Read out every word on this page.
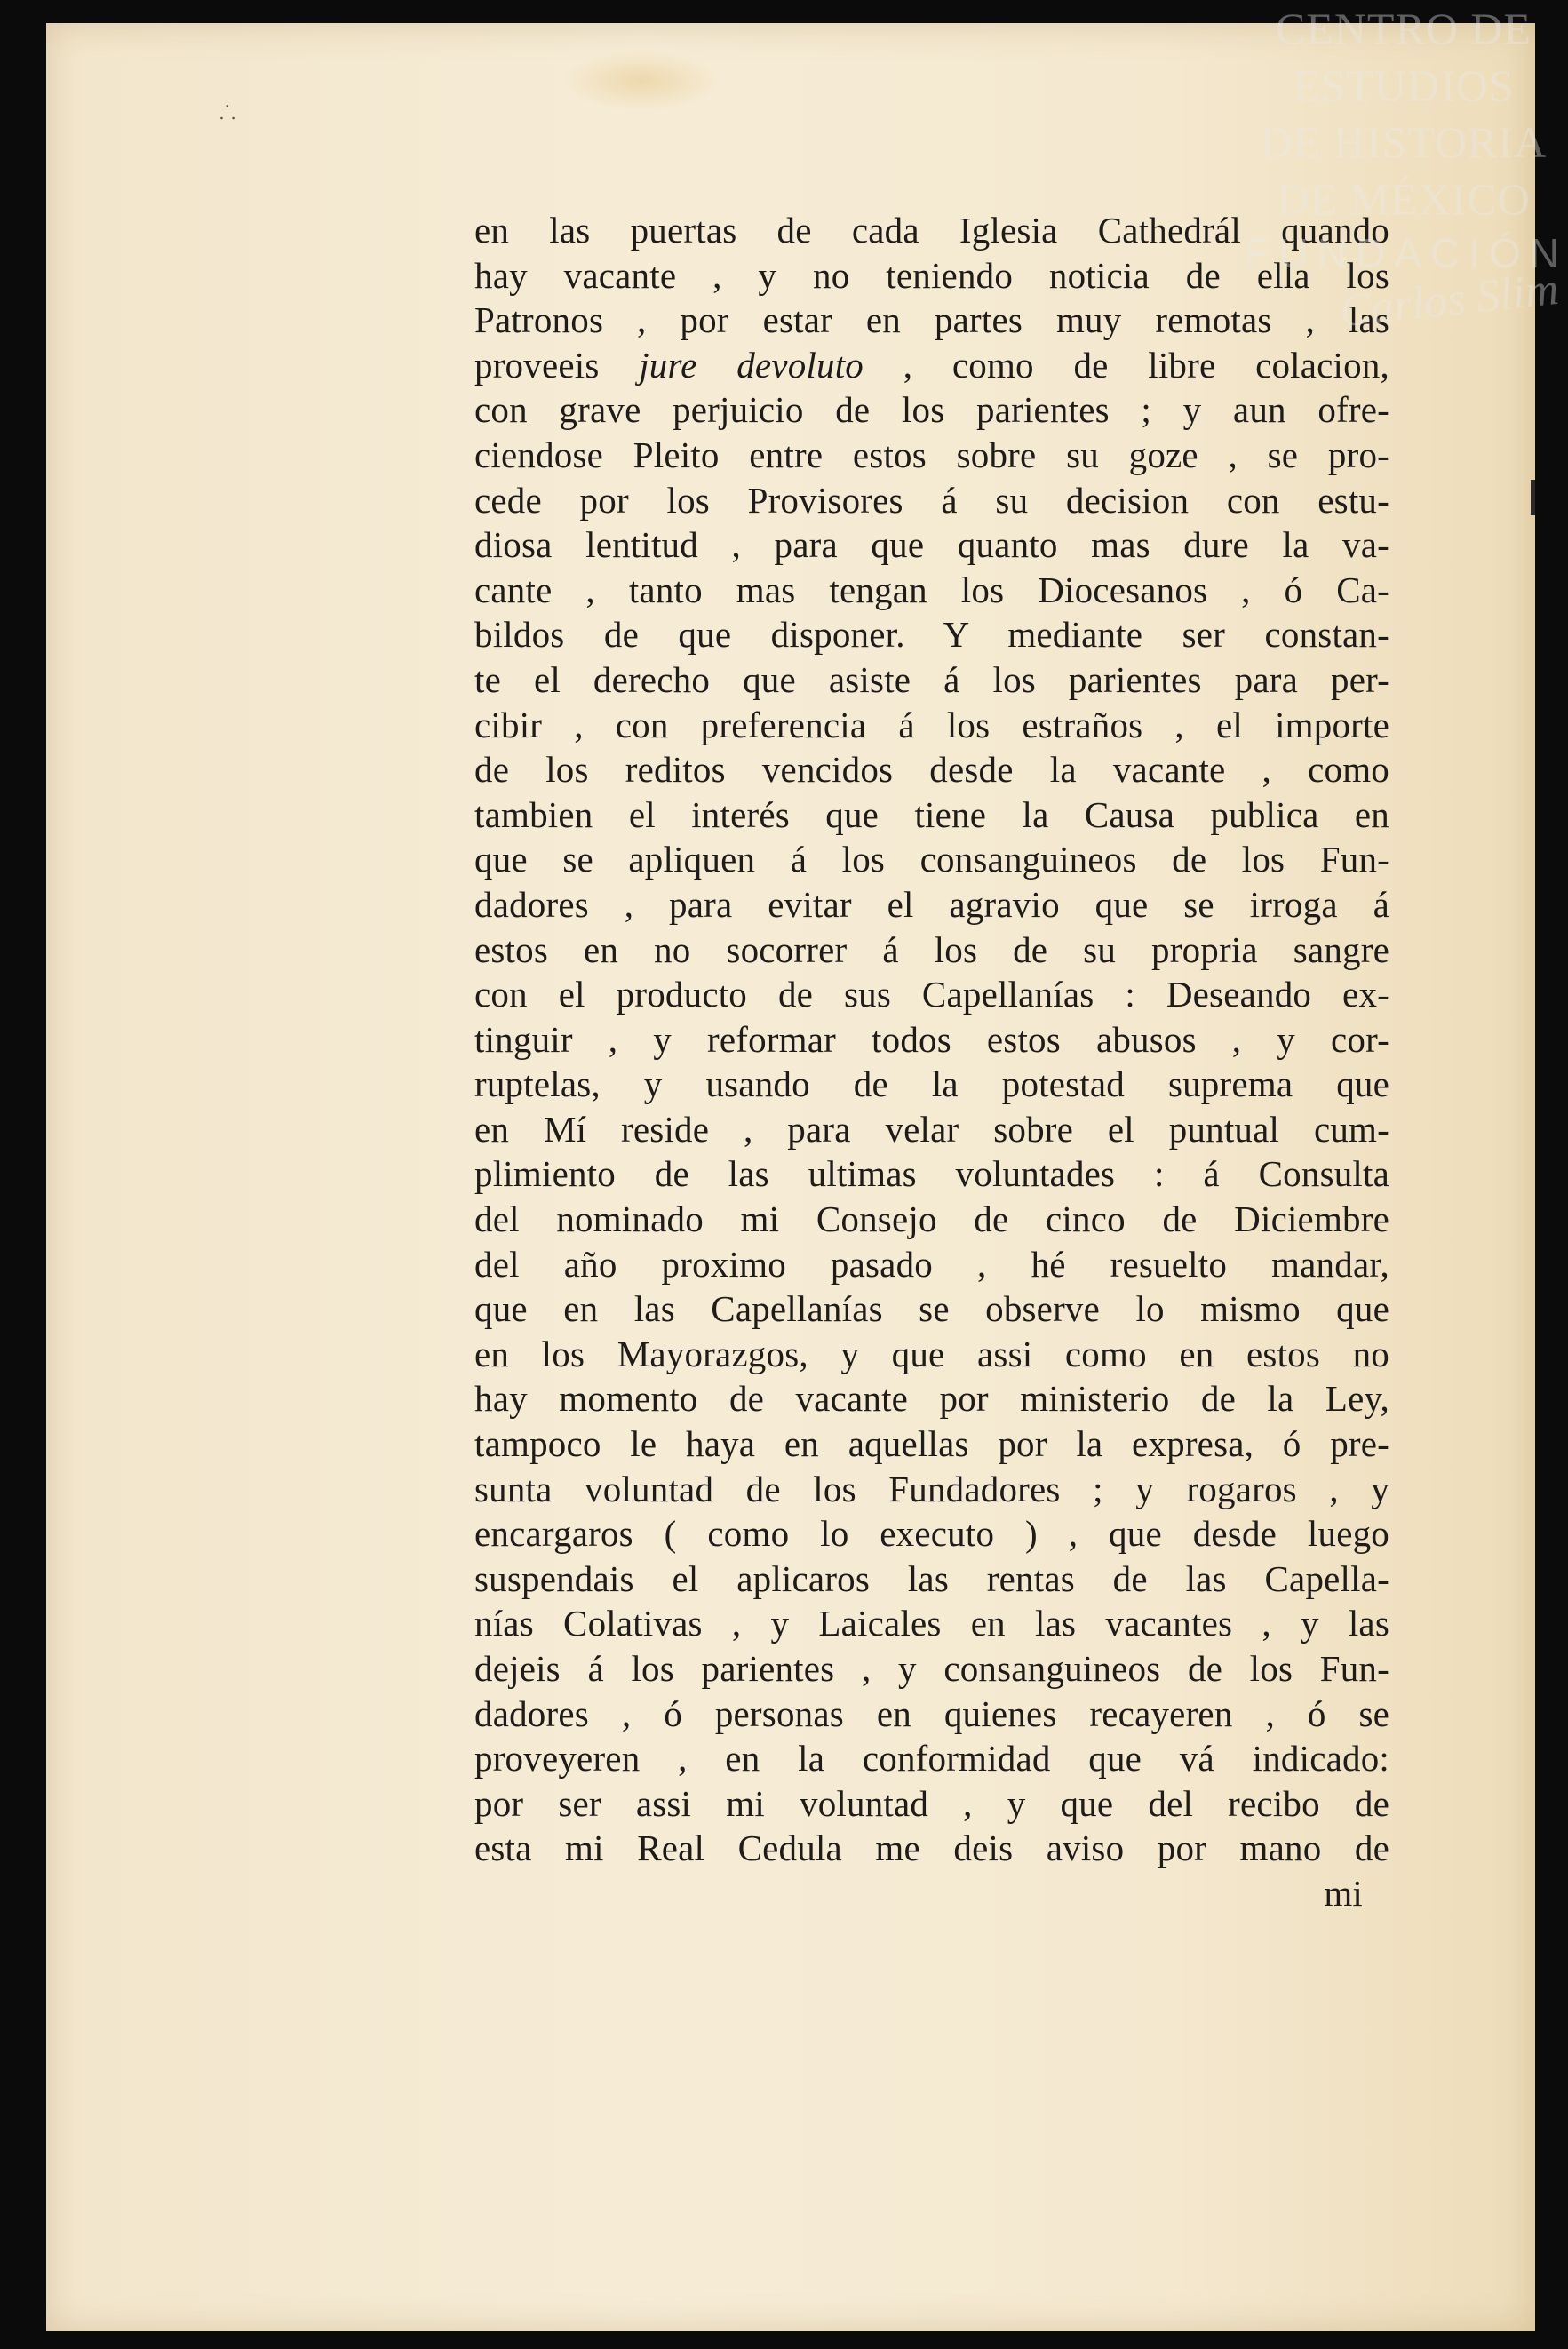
⸫
en las puertas de cada Iglesia Cathedrál quando
hay vacante , y no teniendo noticia de ella los
Patronos , por estar en partes muy remotas , las
proveeis jure devoluto , como de libre colacion,
con grave perjuicio de los parientes ; y aun ofre-
ciendose Pleito entre estos sobre su goze , se pro-
cede por los Provisores á su decision con estu-
diosa lentitud , para que quanto mas dure la va-
cante , tanto mas tengan los Diocesanos , ó Ca-
bildos de que disponer. Y mediante ser constan-
te el derecho que asiste á los parientes para per-
cibir , con preferencia á los estraños , el importe
de los reditos vencidos desde la vacante , como
tambien el interés que tiene la Causa publica en
que se apliquen á los consanguineos de los Fun-
dadores , para evitar el agravio que se irroga á
estos en no socorrer á los de su propria sangre
con el producto de sus Capellanías : Deseando ex-
tinguir , y reformar todos estos abusos , y cor-
ruptelas, y usando de la potestad suprema que
en Mí reside , para velar sobre el puntual cum-
plimiento de las ultimas voluntades : á Consulta
del nominado mi Consejo de cinco de Diciembre
del año proximo pasado , hé resuelto mandar,
que en las Capellanías se observe lo mismo que
en los Mayorazgos, y que assi como en estos no
hay momento de vacante por ministerio de la Ley,
tampoco le haya en aquellas por la expresa, ó pre-
sunta voluntad de los Fundadores ; y rogaros , y
encargaros ( como lo executo ) , que desde luego
suspendais el aplicaros las rentas de las Capella-
nías Colativas , y Laicales en las vacantes , y las
dejeis á los parientes , y consanguineos de los Fun-
dadores , ó personas en quienes recayeren , ó se
proveyeren , en la conformidad que vá indicado:
por ser assi mi voluntad , y que del recibo de
esta mi Real Cedula me deis aviso por mano de
mi
CENTRO DE
ESTUDIOS
DE HISTORIA
DE MÉXICO
FUNDACIÓN
Carlos Slim
